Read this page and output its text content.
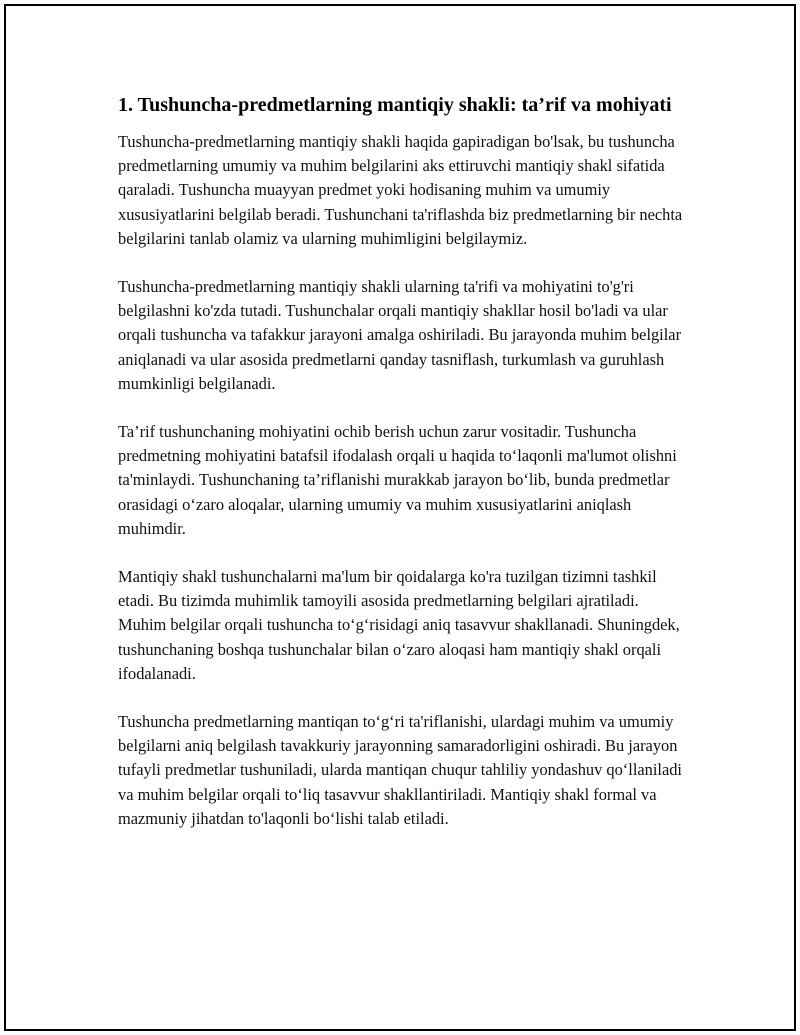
1. Tushuncha-predmetlarning mantiqiy shakli: ta’rif va mohiyati

Tushuncha-predmetlarning mantiqiy shakli haqida gapiradigan bo'lsak, bu tushuncha predmetlarning umumiy va muhim belgilarini aks ettiruvchi mantiqiy shakl sifatida qaraladi. Tushuncha muayyan predmet yoki hodisaning muhim va umumiy xususiyatlarini belgilab beradi. Tushunchani ta'riflashda biz predmetlarning bir nechta belgilarini tanlab olamiz va ularning muhimligini belgilaymiz.

Tushuncha-predmetlarning mantiqiy shakli ularning ta'rifi va mohiyatini to'g'ri belgilashni ko'zda tutadi. Tushunchalar orqali mantiqiy shakllar hosil bo'ladi va ular orqali tushuncha va tafakkur jarayoni amalga oshiriladi. Bu jarayonda muhim belgilar aniqlanadi va ular asosida predmetlarni qanday tasniflash, turkumlash va guruhlash mumkinligi belgilanadi.

Ta’rif tushunchaning mohiyatini ochib berish uchun zarur vositadir. Tushuncha predmetning mohiyatini batafsil ifodalash orqali u haqida to‘laqonli ma'lumot olishni ta'minlaydi. Tushunchaning ta’riflanishi murakkab jarayon bo‘lib, bunda predmetlar orasidagi o‘zaro aloqalar, ularning umumiy va muhim xususiyatlarini aniqlash muhimdir.

Mantiqiy shakl tushunchalarni ma'lum bir qoidalarga ko'ra tuzilgan tizimni tashkil etadi. Bu tizimda muhimlik tamoyili asosida predmetlarning belgilari ajratiladi. Muhim belgilar orqali tushuncha to‘g‘risidagi aniq tasavvur shakllanadi. Shuningdek, tushunchaning boshqa tushunchalar bilan o‘zaro aloqasi ham mantiqiy shakl orqali ifodalanadi.

Tushuncha predmetlarning mantiqan to‘g‘ri ta'riflanishi, ulardagi muhim va umumiy belgilarni aniq belgilash tavakkuriy jarayonning samaradorligini oshiradi. Bu jarayon tufayli predmetlar tushuniladi, ularda mantiqan chuqur tahliliy yondashuv qo‘llaniladi va muhim belgilar orqali to‘liq tasavvur shakllantiriladi. Mantiqiy shakl formal va mazmuniy jihatdan to'laqonli bo‘lishi talab etiladi.
